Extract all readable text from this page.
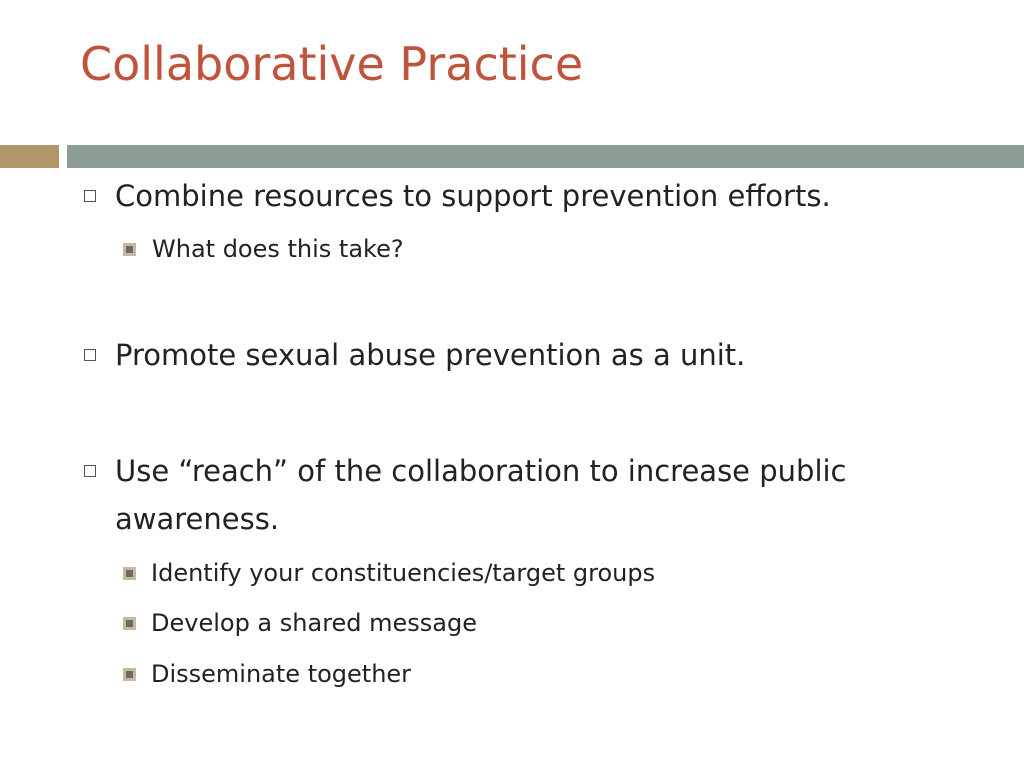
Collaborative Practice

Combine resources to support prevention efforts.

What does this take?

Promote sexual abuse prevention as a unit.

Use “reach” of the collaboration to increase public
awareness.

Identify your constituencies/target groups

Develop a shared message

Disseminate together
